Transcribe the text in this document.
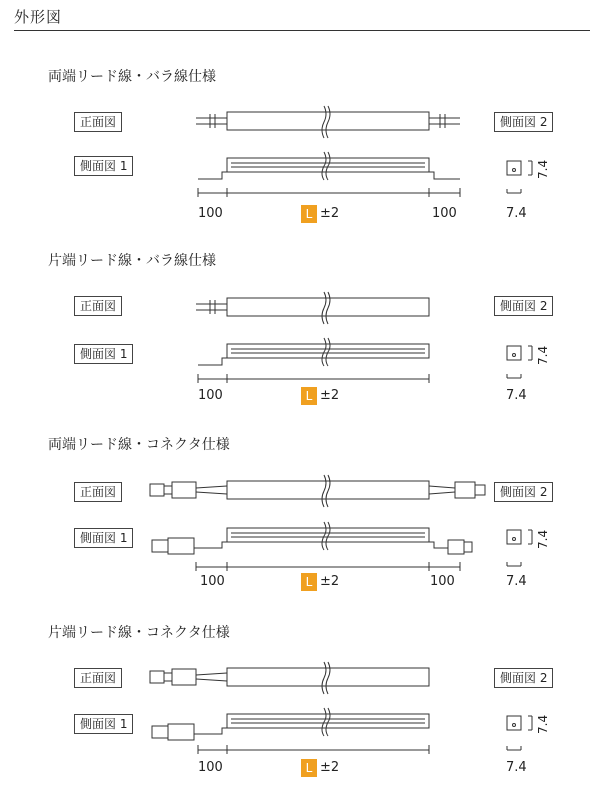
外形図
両端リード線・バラ線仕様
正面図	側面図 2
側面図 1
100	L ±2	100	7.4
7.4
片端リード線・バラ線仕様
正面図	側面図 2
側面図 1
100	L ±2	7.4
7.4
両端リード線・コネクタ仕様
正面図	側面図 2
側面図 1
100	L ±2	100	7.4
7.4
片端リード線・コネクタ仕様
正面図	側面図 2
側面図 1
100	L ±2	7.4
7.4
